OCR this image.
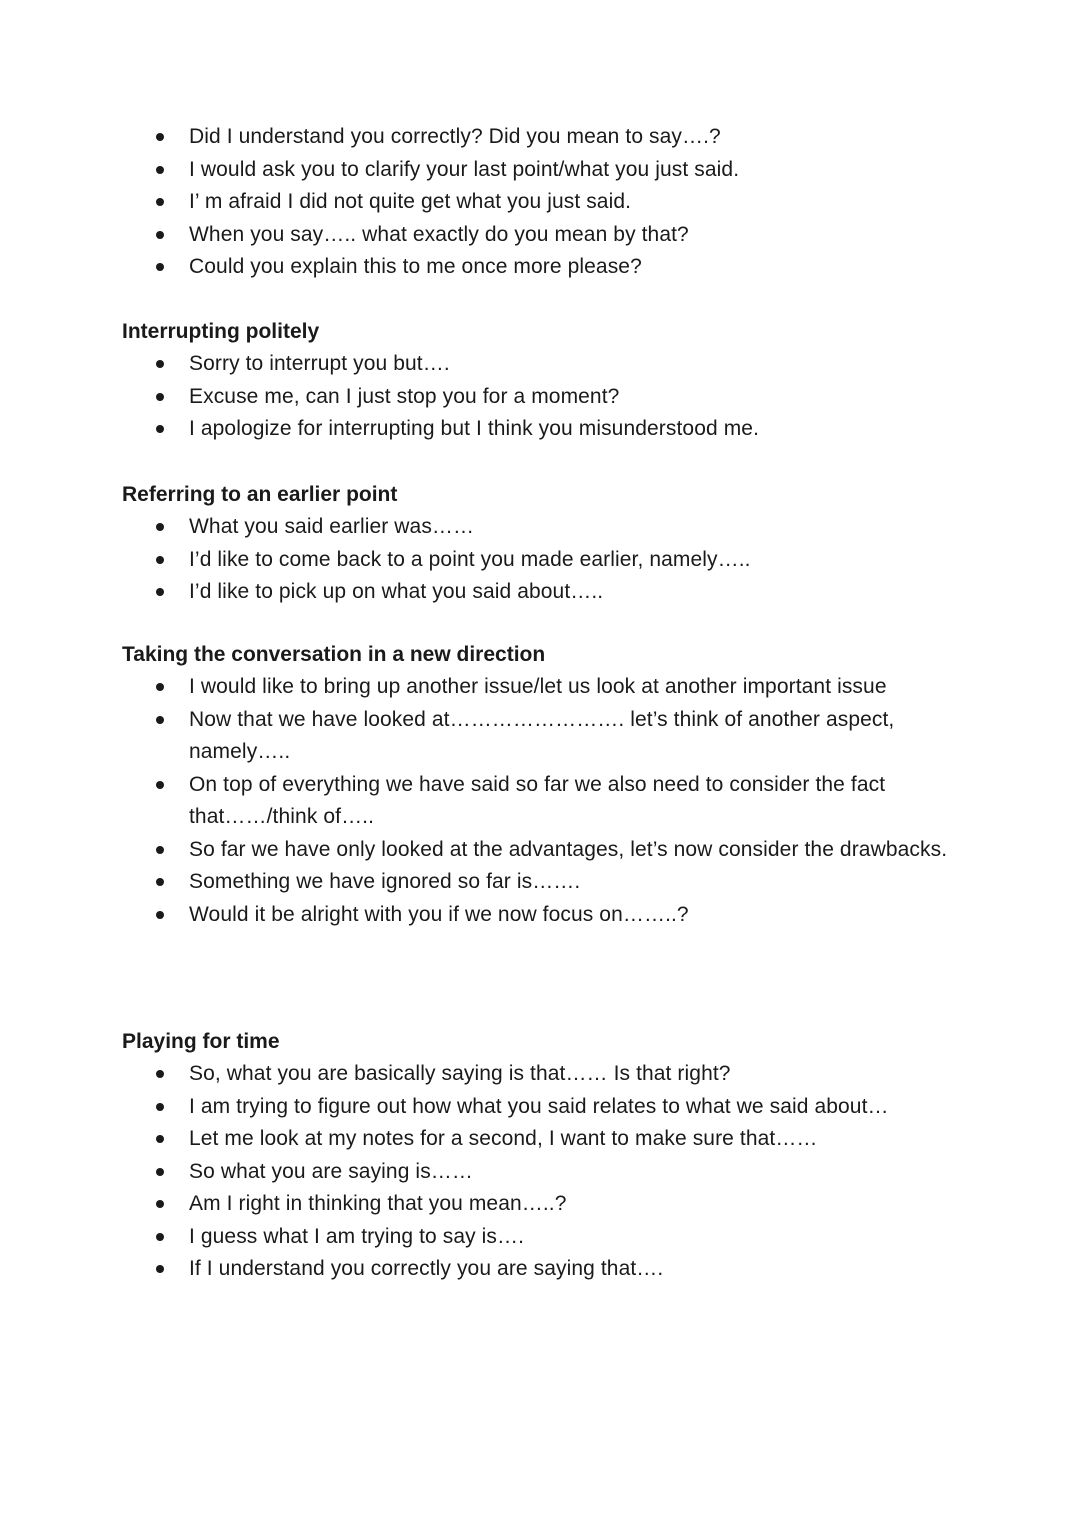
Did I understand you correctly? Did you mean to say….?
I would ask you to clarify your last point/what you just said.
I’ m afraid I did not quite get what you just said.
When you say….. what exactly do you mean by that?
Could you explain this to me once more please?
Interrupting politely
Sorry to interrupt you but….
Excuse me, can I just stop you for a moment?
I apologize for interrupting but I think you misunderstood me.
Referring to an earlier point
What you said earlier was……
I’d like to come back to a point you made earlier, namely…..
I’d like to pick up on what you said about…..
Taking the conversation in a new direction
I would like to bring up another issue/let us look at another important issue
Now that we have looked at……………………. let’s think of another aspect, namely…..
On top of everything we have said so far we also need to consider the fact that……/think of…..
So far we have only looked at the advantages, let’s now consider the drawbacks.
Something we have ignored so far is…….
Would it be alright with you if we now focus on……..?
Playing for time
So, what you are basically saying is that…… Is that right?
I am trying to figure out how what you said relates to what we said about…
Let me look at my notes for a second, I want to make sure that……
So what you are saying is……
Am I right in thinking that you mean…..?
I guess what I am trying to say is….
If I understand you correctly you are saying that….
